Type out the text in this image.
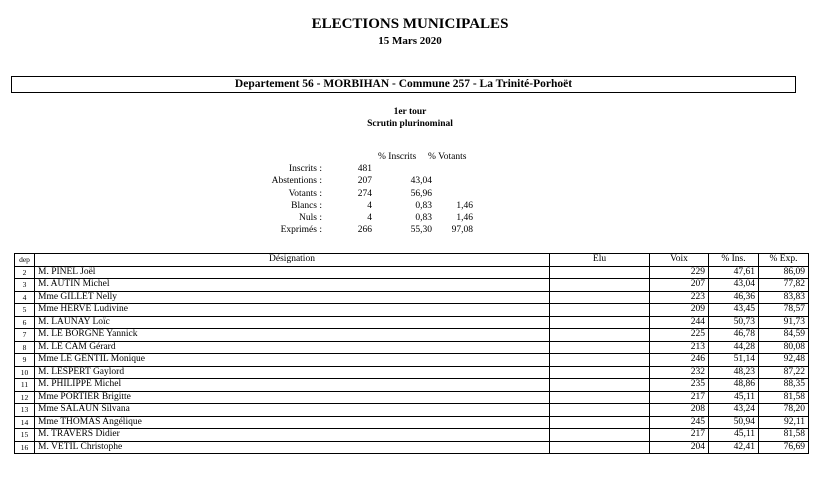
ELECTIONS MUNICIPALES
15 Mars 2020
Departement 56 - MORBIHAN - Commune 257 - La Trinité-Porhoët
1er tour
Scrutin plurinominal
% Inscrits	% Votants
Inscrits :	481
Abstentions :	207	43,04
Votants :	274	56,96
Blancs :	4	0,83	1,46
Nuls :	4	0,83	1,46
Exprimés :	266	55,30	97,08
dep	Désignation	Elu	Voix	% Ins.	% Exp.
2	M. PINEL Joël		229	47,61	86,09
3	M. AUTIN Michel		207	43,04	77,82
4	Mme GILLET Nelly		223	46,36	83,83
5	Mme HERVÉ Ludivine		209	43,45	78,57
6	M. LAUNAY Loïc		244	50,73	91,73
7	M. LE BORGNE Yannick		225	46,78	84,59
8	M. LE CAM Gérard		213	44,28	80,08
9	Mme LE GENTIL Monique		246	51,14	92,48
10	M. LESPERT Gaylord		232	48,23	87,22
11	M. PHILIPPE Michel		235	48,86	88,35
12	Mme PORTIER Brigitte		217	45,11	81,58
13	Mme SALAUN Silvana		208	43,24	78,20
14	Mme THOMAS Angélique		245	50,94	92,11
15	M. TRAVERS Didier		217	45,11	81,58
16	M. VETIL Christophe		204	42,41	76,69
